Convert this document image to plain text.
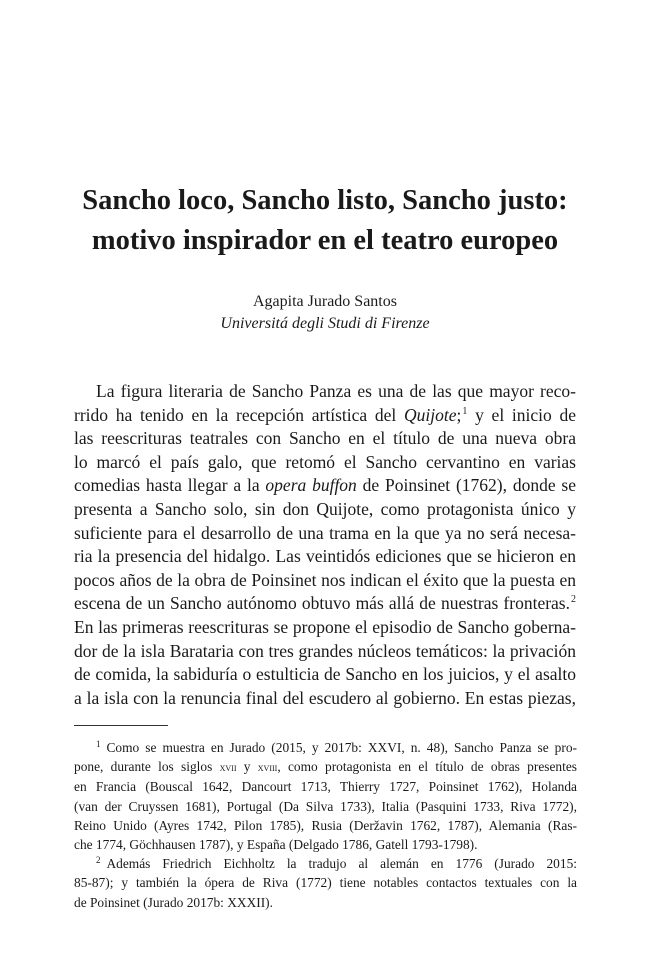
Sancho loco, Sancho listo, Sancho justo:
motivo inspirador en el teatro europeo
Agapita Jurado Santos
Universitá degli Studi di Firenze
La figura literaria de Sancho Panza es una de las que mayor reco-
rrido ha tenido en la recepción artística del Quijote;$^1$ y el inicio de
las reescrituras teatrales con Sancho en el título de una nueva obra
lo marcó el país galo, que retomó el Sancho cervantino en varias
comedias hasta llegar a la opera buffon de Poinsinet (1762), donde se
presenta a Sancho solo, sin don Quijote, como protagonista único y
suficiente para el desarrollo de una trama en la que ya no será necesa-
ria la presencia del hidalgo. Las veintidós ediciones que se hicieron en
pocos años de la obra de Poinsinet nos indican el éxito que la puesta en
escena de un Sancho autónomo obtuvo más allá de nuestras fronteras.$^2$
En las primeras reescrituras se propone el episodio de Sancho goberna-
dor de la isla Barataria con tres grandes núcleos temáticos: la privación
de comida, la sabiduría o estulticia de Sancho en los juicios, y el asalto
a la isla con la renuncia final del escudero al gobierno. En estas piezas,
$^1$ Como se muestra en Jurado (2015, y 2017b: XXVI, n. 48), Sancho Panza se pro-
pone, durante los siglos xvii y xviii, como protagonista en el título de obras presentes
en Francia (Bouscal 1642, Dancourt 1713, Thierry 1727, Poinsinet 1762), Holanda
(van der Cruyssen 1681), Portugal (Da Silva 1733), Italia (Pasquini 1733, Riva 1772),
Reino Unido (Ayres 1742, Pilon 1785), Rusia (Deržavin 1762, 1787), Alemania (Ras-
che 1774, Göchhausen 1787), y España (Delgado 1786, Gatell 1793-1798).
$^2$ Además Friedrich Eichholtz la tradujo al alemán en 1776 (Jurado 2015:
85-87); y también la ópera de Riva (1772) tiene notables contactos textuales con la
de Poinsinet (Jurado 2017b: XXXII).
